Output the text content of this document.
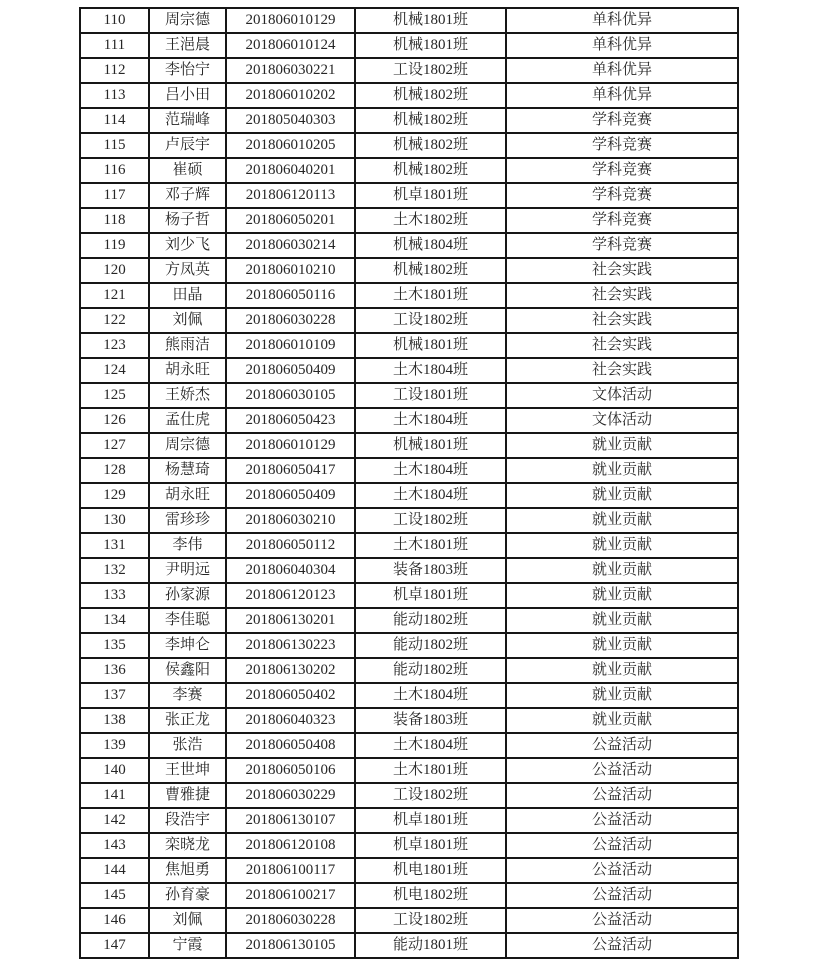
110	周宗德	201806010129	机械1801班	单科优异
111	王浥晨	201806010124	机械1801班	单科优异
112	李怡宁	201806030221	工设1802班	单科优异
113	吕小田	201806010202	机械1802班	单科优异
114	范瑞峰	201805040303	机械1802班	学科竞赛
115	卢辰宇	201806010205	机械1802班	学科竞赛
116	崔硕	201806040201	机械1802班	学科竞赛
117	邓子辉	201806120113	机卓1801班	学科竞赛
118	杨子哲	201806050201	土木1802班	学科竞赛
119	刘少飞	201806030214	机械1804班	学科竞赛
120	方凤英	201806010210	机械1802班	社会实践
121	田晶	201806050116	土木1801班	社会实践
122	刘佩	201806030228	工设1802班	社会实践
123	熊雨洁	201806010109	机械1801班	社会实践
124	胡永旺	201806050409	土木1804班	社会实践
125	王娇杰	201806030105	工设1801班	文体活动
126	孟仕虎	201806050423	土木1804班	文体活动
127	周宗德	201806010129	机械1801班	就业贡献
128	杨慧琦	201806050417	土木1804班	就业贡献
129	胡永旺	201806050409	土木1804班	就业贡献
130	雷珍珍	201806030210	工设1802班	就业贡献
131	李伟	201806050112	土木1801班	就业贡献
132	尹明远	201806040304	装备1803班	就业贡献
133	孙家源	201806120123	机卓1801班	就业贡献
134	李佳聪	201806130201	能动1802班	就业贡献
135	李坤仑	201806130223	能动1802班	就业贡献
136	侯鑫阳	201806130202	能动1802班	就业贡献
137	李赛	201806050402	土木1804班	就业贡献
138	张正龙	201806040323	装备1803班	就业贡献
139	张浩	201806050408	土木1804班	公益活动
140	王世坤	201806050106	土木1801班	公益活动
141	曹雅捷	201806030229	工设1802班	公益活动
142	段浩宇	201806130107	机卓1801班	公益活动
143	栾晓龙	201806120108	机卓1801班	公益活动
144	焦旭勇	201806100117	机电1801班	公益活动
145	孙育豪	201806100217	机电1802班	公益活动
146	刘佩	201806030228	工设1802班	公益活动
147	宁霞	201806130105	能动1801班	公益活动
